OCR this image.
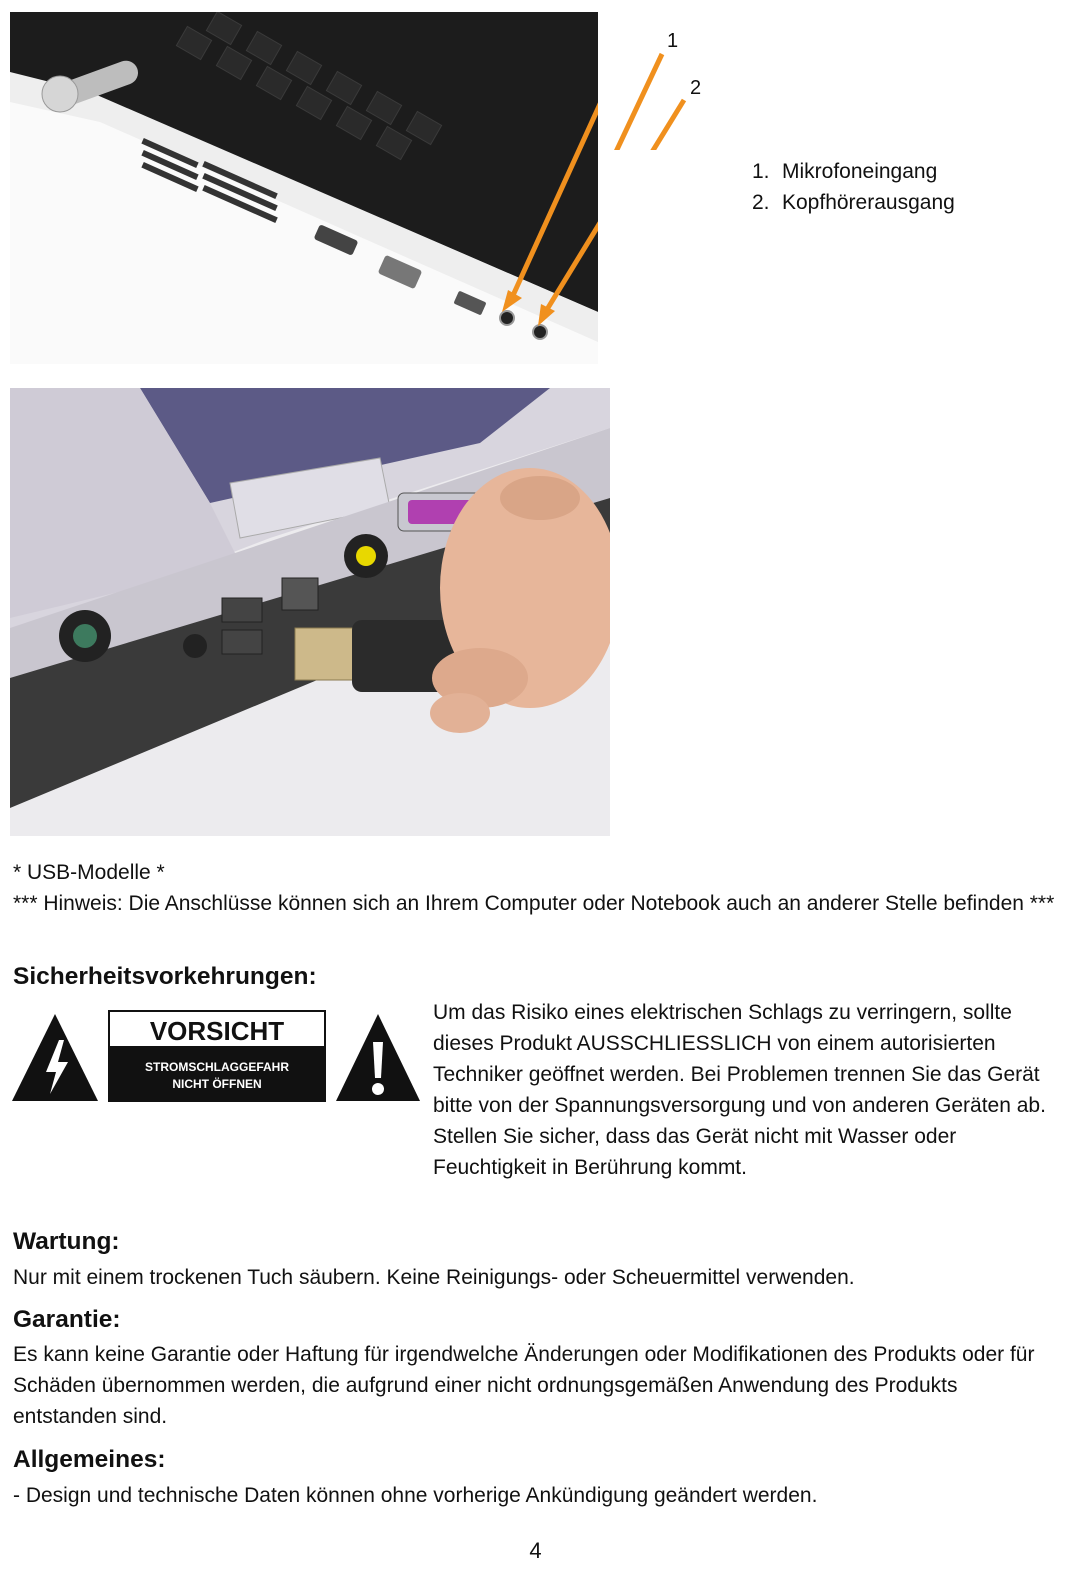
1
2
1. Mikrofoneingang
2. Kopfhörerausgang
* USB-Modelle *
*** Hinweis: Die Anschlüsse können sich an Ihrem Computer oder Notebook auch an anderer Stelle befinden ***
Sicherheitsvorkehrungen:
VORSICHT
STROMSCHLAGGEFAHR
NICHT ÖFFNEN
Um das Risiko eines elektrischen Schlags zu verringern, sollte dieses Produkt AUSSCHLIESSLICH von einem autorisierten Techniker geöffnet werden. Bei Problemen trennen Sie das Gerät bitte von der Spannungsversorgung und von anderen Geräten ab. Stellen Sie sicher, dass das Gerät nicht mit Wasser oder Feuchtigkeit in Berührung kommt.
Wartung:
Nur mit einem trockenen Tuch säubern. Keine Reinigungs- oder Scheuermittel verwenden.
Garantie:
Es kann keine Garantie oder Haftung für irgendwelche Änderungen oder Modifikationen des Produkts oder für Schäden übernommen werden, die aufgrund einer nicht ordnungsgemäßen Anwendung des Produkts entstanden sind.
Allgemeines:
- Design und technische Daten können ohne vorherige Ankündigung geändert werden.
4
